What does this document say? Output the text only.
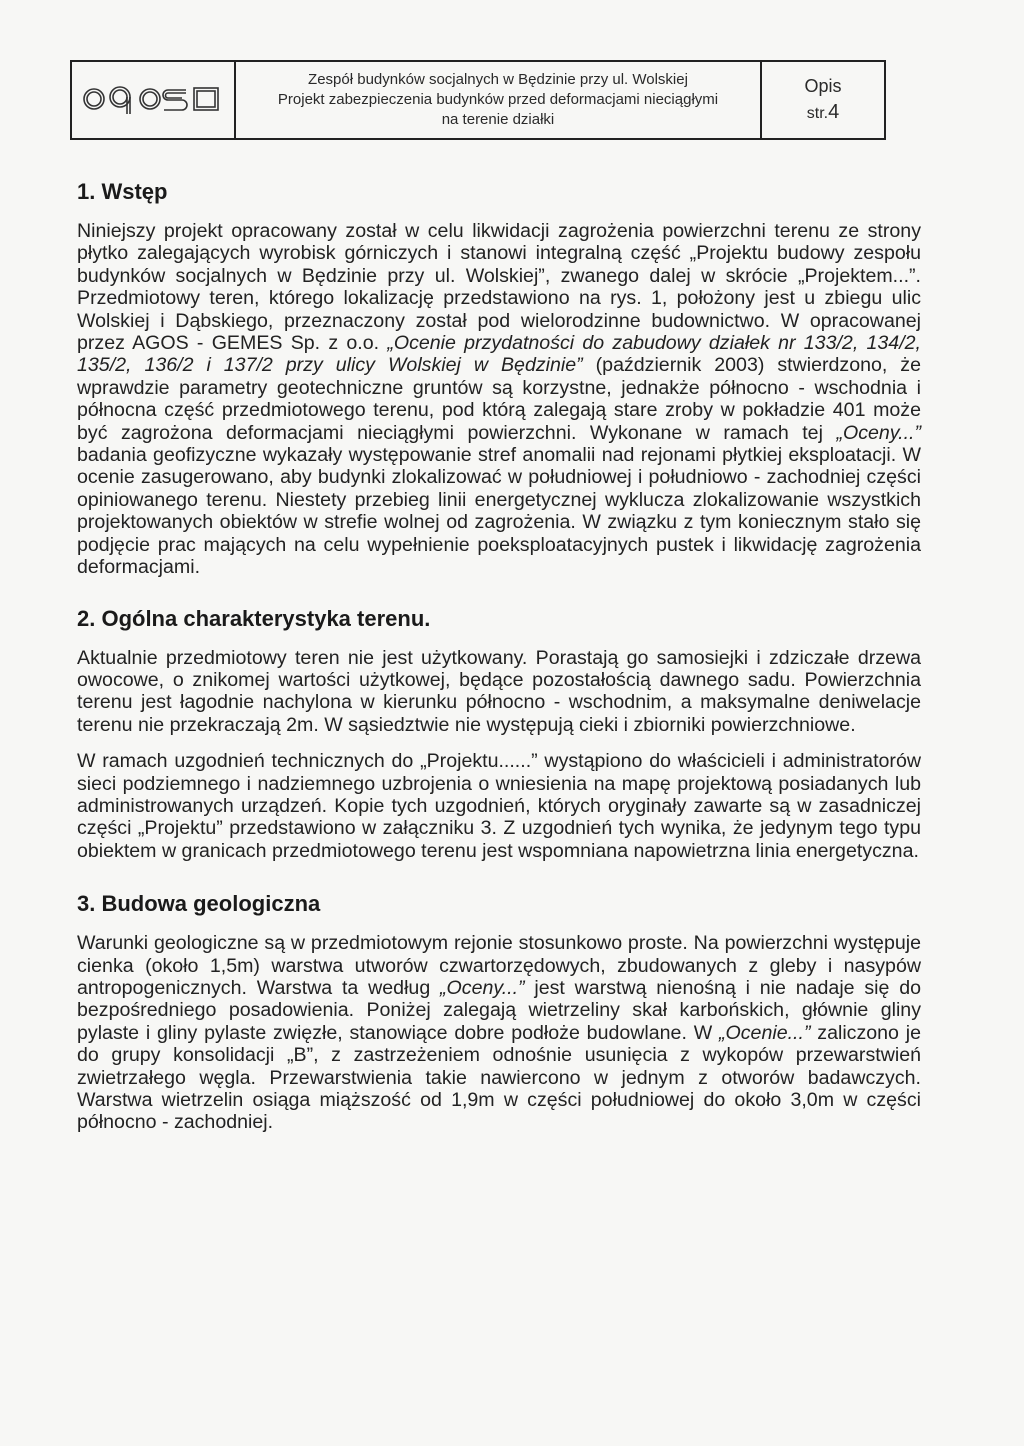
Zespół budynków socjalnych w Będzinie przy ul. Wolskiej
Projekt zabezpieczenia budynków przed deformacjami nieciągłymi
na terenie działki
Opis
str.4
1. Wstęp

Niniejszy projekt opracowany został w celu likwidacji zagrożenia powierzchni terenu ze strony płytko zalegających wyrobisk górniczych i stanowi integralną część „Projektu budowy zespołu budynków socjalnych w Będzinie przy ul. Wolskiej”, zwanego dalej w skrócie „Projektem...”. Przedmiotowy teren, którego lokalizację przedstawiono na rys. 1, położony jest u zbiegu ulic Wolskiej i Dąbskiego, przeznaczony został pod wielorodzinne budownictwo. W opracowanej przez AGOS - GEMES Sp. z o.o. „Ocenie przydatności do zabudowy działek nr 133/2, 134/2, 135/2, 136/2 i 137/2 przy ulicy Wolskiej w Będzinie” (październik 2003) stwierdzono, że wprawdzie parametry geotechniczne gruntów są korzystne, jednakże północno - wschodnia i północna część przedmiotowego terenu, pod którą zalegają stare zroby w pokładzie 401 może być zagrożona deformacjami nieciągłymi powierzchni. Wykonane w ramach tej „Oceny...” badania geofizyczne wykazały występowanie stref anomalii nad rejonami płytkiej eksploatacji. W ocenie zasugerowano, aby budynki zlokalizować w południowej i południowo - zachodniej części opiniowanego terenu. Niestety przebieg linii energetycznej wyklucza zlokalizowanie wszystkich projektowanych obiektów w strefie wolnej od zagrożenia. W związku z tym koniecznym stało się podjęcie prac mających na celu wypełnienie poeksploatacyjnych pustek i likwidację zagrożenia deformacjami.

2. Ogólna charakterystyka terenu.

Aktualnie przedmiotowy teren nie jest użytkowany. Porastają go samosiejki i zdziczałe drzewa owocowe, o znikomej wartości użytkowej, będące pozostałością dawnego sadu. Powierzchnia terenu jest łagodnie nachylona w kierunku północno - wschodnim, a maksymalne deniwelacje terenu nie przekraczają 2m. W sąsiedztwie nie występują cieki i zbiorniki powierzchniowe.

W ramach uzgodnień technicznych do „Projektu......” wystąpiono do właścicieli i administratorów sieci podziemnego i nadziemnego uzbrojenia o wniesienia na mapę projektową posiadanych lub administrowanych urządzeń. Kopie tych uzgodnień, których oryginały zawarte są w zasadniczej części „Projektu” przedstawiono w załączniku 3. Z uzgodnień tych wynika, że jedynym tego typu obiektem w granicach przedmiotowego terenu jest wspomniana napowietrzna linia energetyczna.

3. Budowa geologiczna

Warunki geologiczne są w przedmiotowym rejonie stosunkowo proste. Na powierzchni występuje cienka (około 1,5m) warstwa utworów czwartorzędowych, zbudowanych z gleby i nasypów antropogenicznych. Warstwa ta według „Oceny...” jest warstwą nienośną i nie nadaje się do bezpośredniego posadowienia. Poniżej zalegają wietrzeliny skał karbońskich, głównie gliny pylaste i gliny pylaste zwięzłe, stanowiące dobre podłoże budowlane. W „Ocenie...” zaliczono je do grupy konsolidacji „B”, z zastrzeżeniem odnośnie usunięcia z wykopów przewarstwień zwietrzałego węgla. Przewarstwienia takie nawiercono w jednym z otworów badawczych. Warstwa wietrzelin osiąga miąższość od 1,9m w części południowej do około 3,0m w części północno - zachodniej.
